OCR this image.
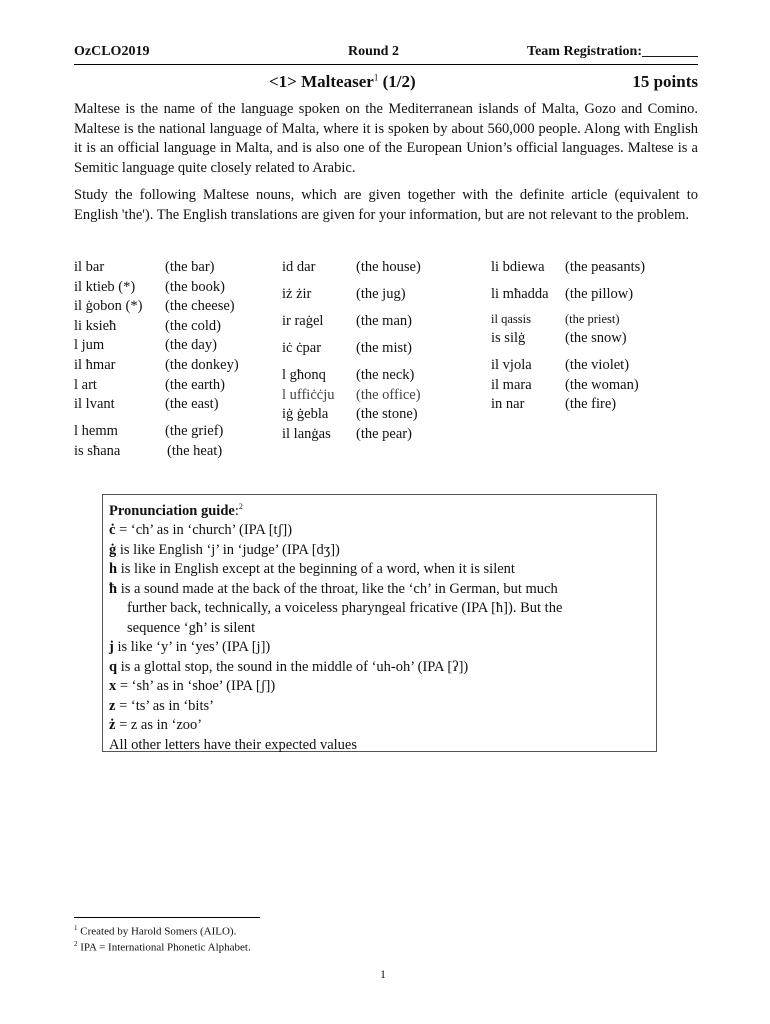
OzCLO2019	Round 2	Team Registration:________
<1> Malteaser$^1$ (1/2)	15 points
Maltese is the name of the language spoken on the Mediterranean islands of Malta, Gozo and Comino. Maltese is the national language of Malta, where it is spoken by about 560,000 people. Along with English it is an official language in Malta, and is also one of the European Union’s official languages. Maltese is a Semitic language quite closely related to Arabic.
Study the following Maltese nouns, which are given together with the definite article (equivalent to English 'the'). The English translations are given for your information, but are not relevant to the problem.
il bar	(the bar)
il ktieb (*) (the book)
il ġobon (*) (the cheese)
li ksieħ	(the cold)
l jum	(the day)
il ħmar	(the donkey)
l art	(the earth)
il lvant	(the east)
l hemm	(the grief)
is sħana	(the heat)
id dar	(the house)
iż żir	(the jug)
ir raġel (the man)
iċ ċpar (the mist)
l għonq (the neck)
l uffiċċju (the office)
iġ ġebla (the stone)
il lanġas (the pear)
li bdiewa (the peasants)
li mħadda (the pillow)
il qassis	(the priest)
is silġ	(the snow)
il vjola (the violet)
il mara (the woman)
in nar	(the fire)
Pronunciation guide:$^2$
ċ = ‘ch’ as in ‘church’ (IPA [tʃ])
ġ is like English ‘j’ in ‘judge’ (IPA [dʒ])
h is like in English except at the beginning of a word, when it is silent
ħ is a sound made at the back of the throat, like the ‘ch’ in German, but much
further back, technically, a voiceless pharyngeal fricative (IPA [ħ]). But the
sequence ‘għ’ is silent
j is like ‘y’ in ‘yes’ (IPA [j])
q is a glottal stop, the sound in the middle of ‘uh-oh’ (IPA [ʔ])
x = ‘sh’ as in ‘shoe’ (IPA [ʃ])
z = ‘ts’ as in ‘bits’
ż = z as in ‘zoo’
All other letters have their expected values
$^1$ Created by Harold Somers (AILO).
$^2$ IPA = International Phonetic Alphabet.
1
